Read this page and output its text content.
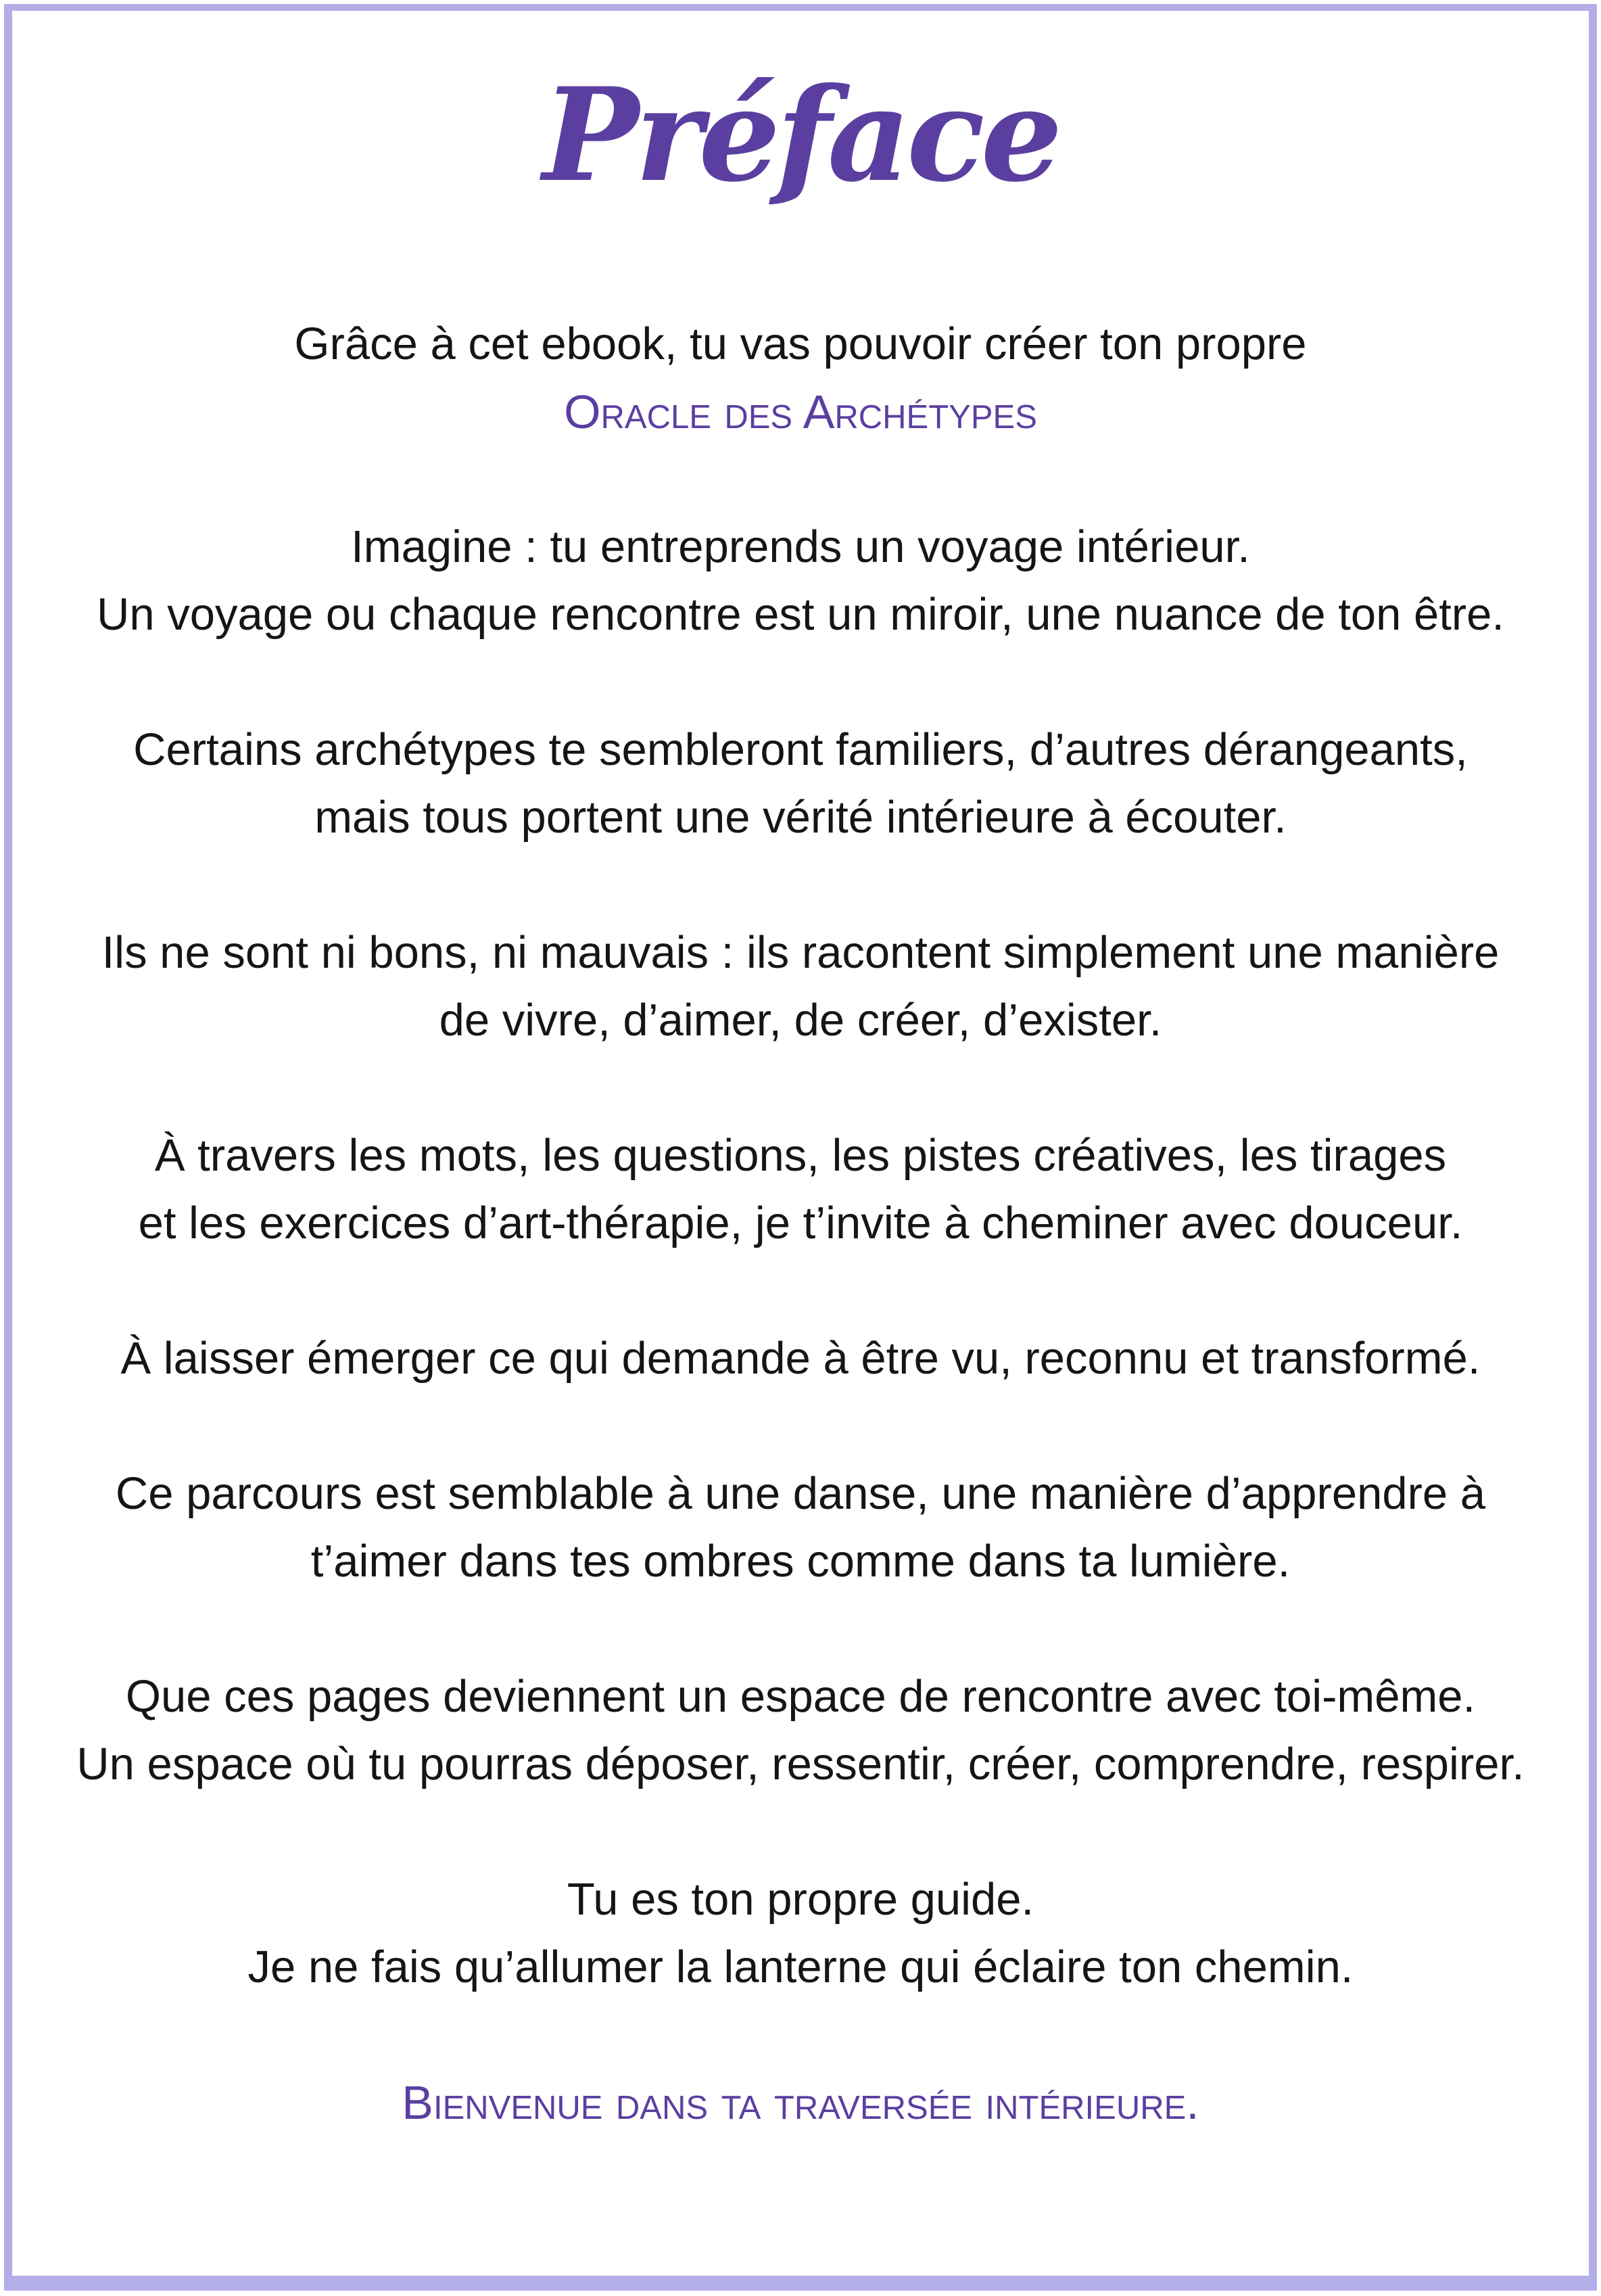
Préface

Grâce à cet ebook, tu vas pouvoir créer ton propre
Oracle des Archétypes

Imagine : tu entreprends un voyage intérieur.
Un voyage ou chaque rencontre est un miroir, une nuance de ton être.

Certains archétypes te sembleront familiers, d’autres dérangeants,
mais tous portent une vérité intérieure à écouter.

Ils ne sont ni bons, ni mauvais : ils racontent simplement une manière
de vivre, d’aimer, de créer, d’exister.

À travers les mots, les questions, les pistes créatives, les tirages
et les exercices d’art-thérapie, je t’invite à cheminer avec douceur.

À laisser émerger ce qui demande à être vu, reconnu et transformé.

Ce parcours est semblable à une danse, une manière d’apprendre à
t’aimer dans tes ombres comme dans ta lumière.

Que ces pages deviennent un espace de rencontre avec toi-même.
Un espace où tu pourras déposer, ressentir, créer, comprendre, respirer.

Tu es ton propre guide.
Je ne fais qu’allumer la lanterne qui éclaire ton chemin.

Bienvenue dans ta traversée intérieure.
